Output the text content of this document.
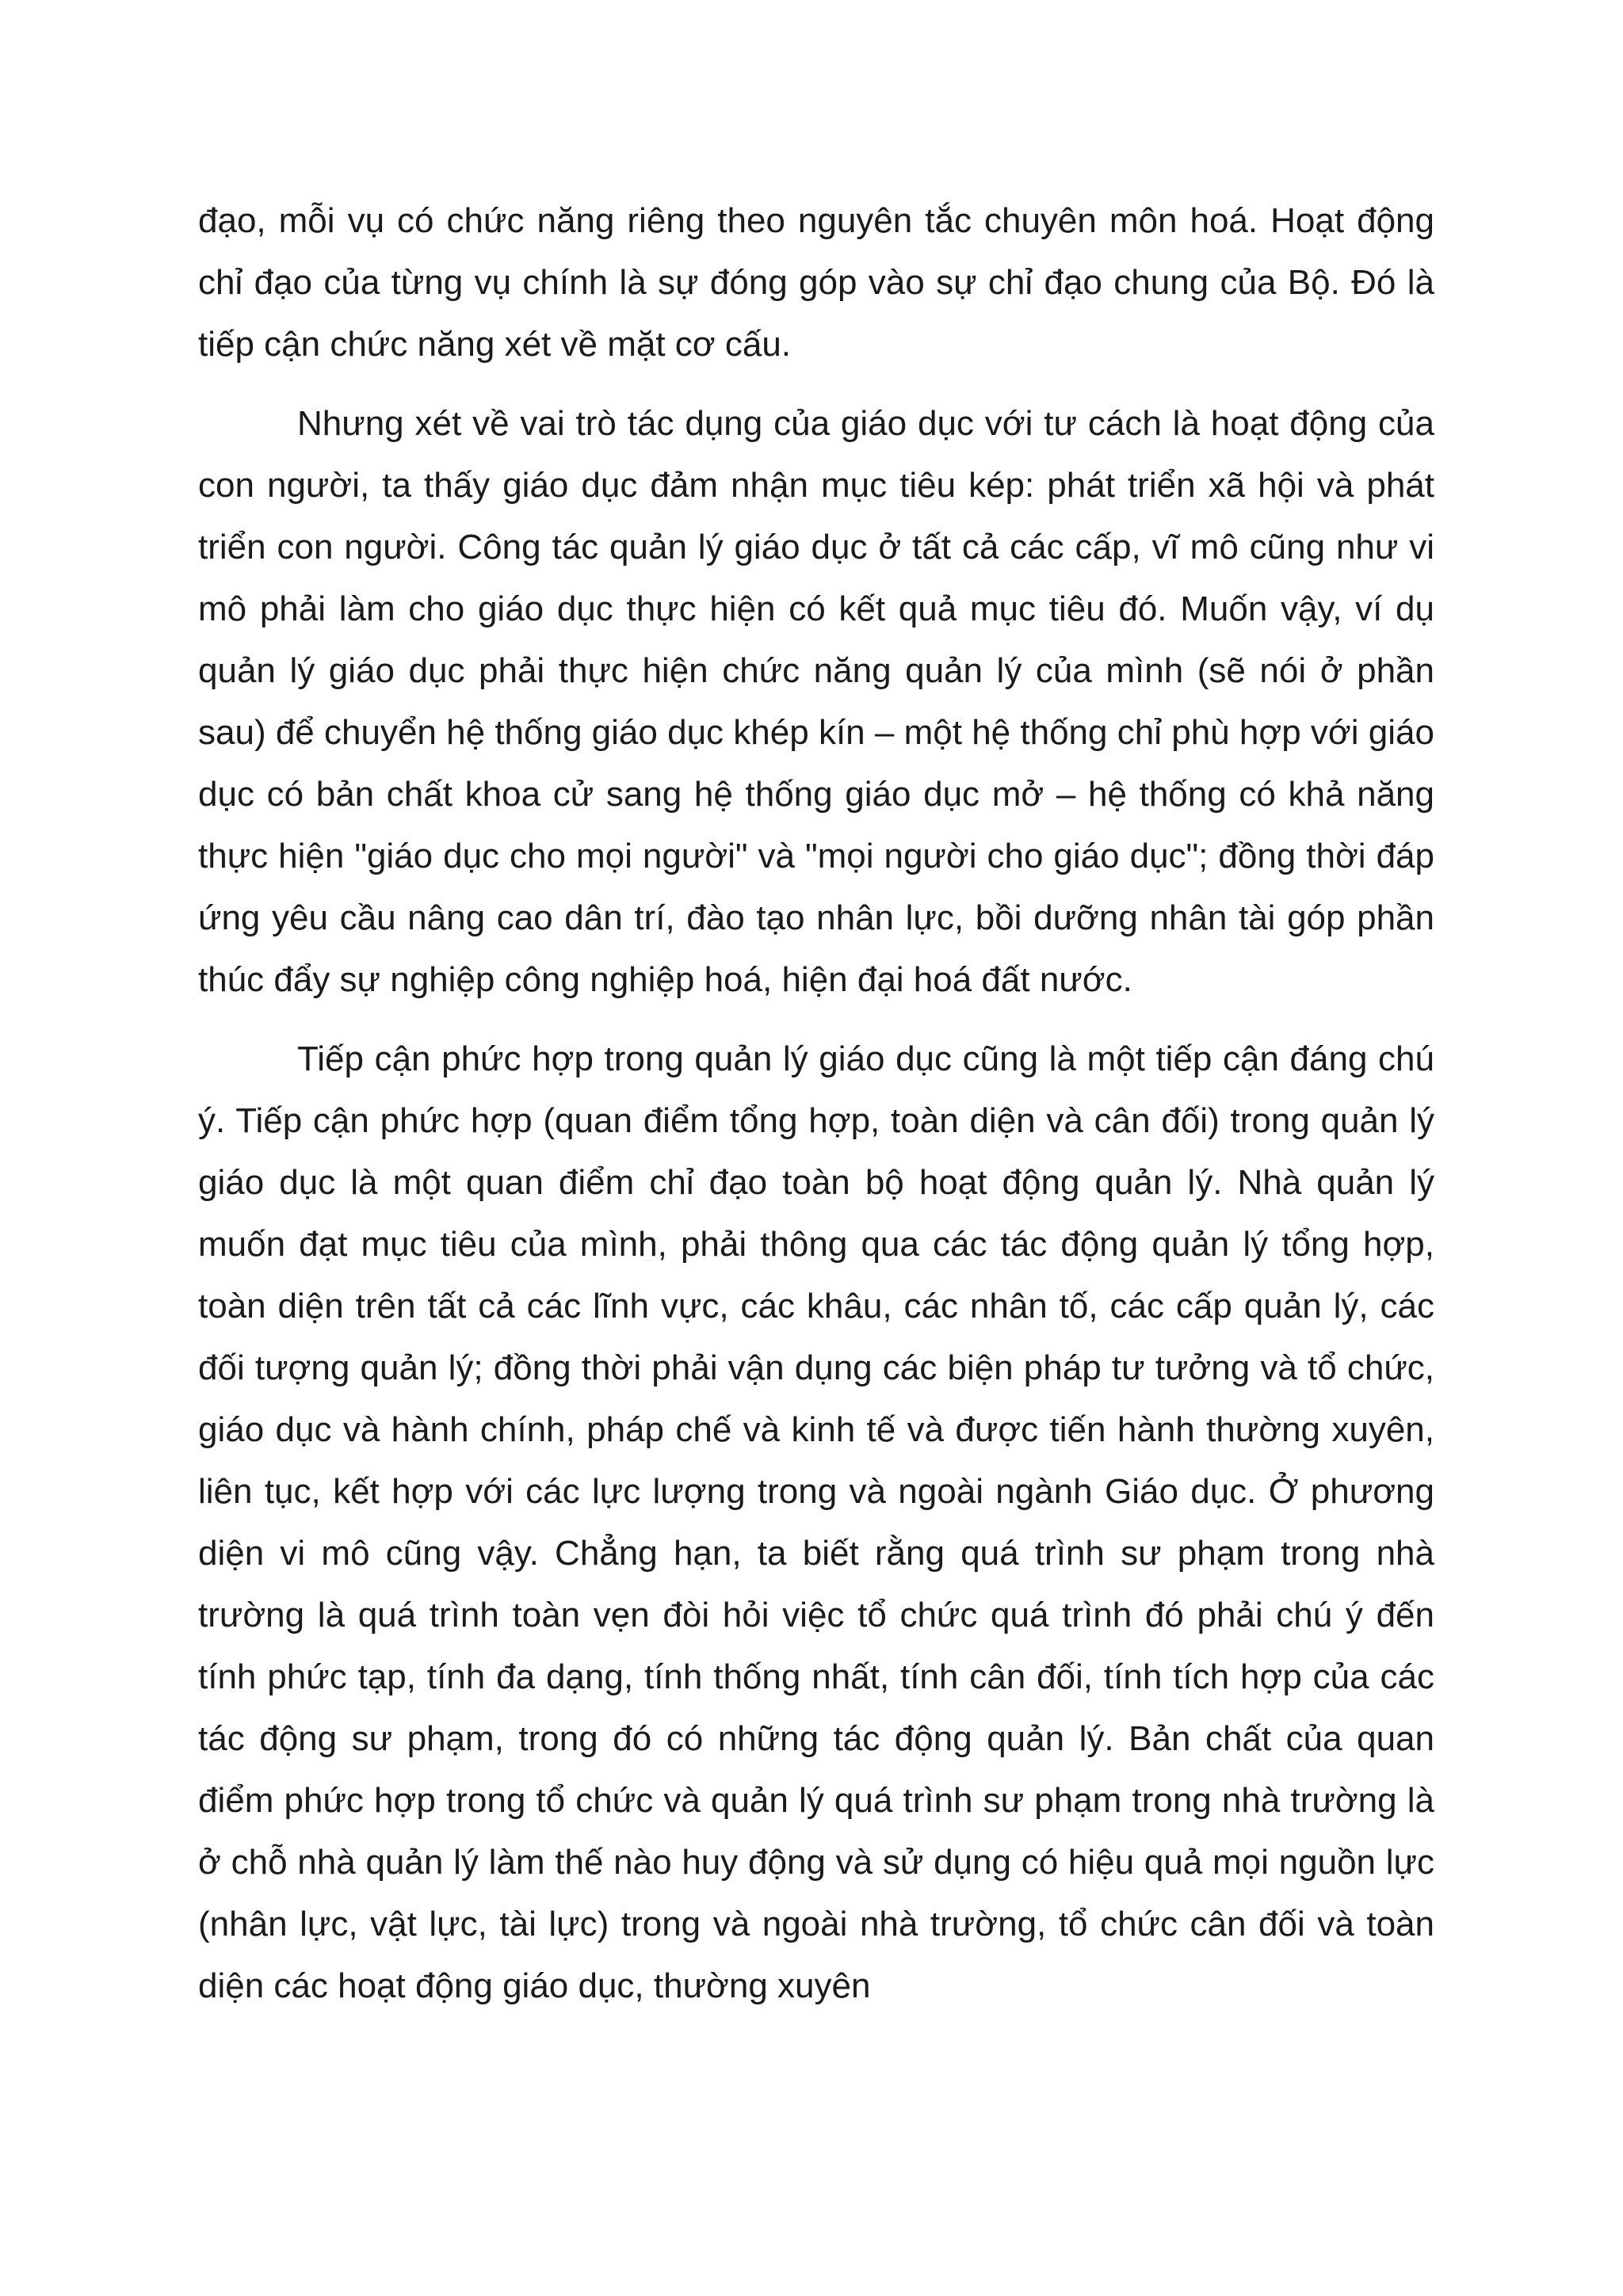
đạo, mỗi vụ có chức năng riêng theo nguyên tắc chuyên môn hoá. Hoạt động chỉ đạo của từng vụ chính là sự đóng góp vào sự chỉ đạo chung của Bộ. Đó là tiếp cận chức năng xét về mặt cơ cấu.

Nhưng xét về vai trò tác dụng của giáo dục với tư cách là hoạt động của con người, ta thấy giáo dục đảm nhận mục tiêu kép: phát triển xã hội và phát triển con người. Công tác quản lý giáo dục ở tất cả các cấp, vĩ mô cũng như vi mô phải làm cho giáo dục thực hiện có kết quả mục tiêu đó. Muốn vậy, ví dụ quản lý giáo dục phải thực hiện chức năng quản lý của mình (sẽ nói ở phần sau) để chuyển hệ thống giáo dục khép kín – một hệ thống chỉ phù hợp với giáo dục có bản chất khoa cử sang hệ thống giáo dục mở – hệ thống có khả năng thực hiện "giáo dục cho mọi người" và "mọi người cho giáo dục"; đồng thời đáp ứng yêu cầu nâng cao dân trí, đào tạo nhân lực, bồi dưỡng nhân tài góp phần thúc đẩy sự nghiệp công nghiệp hoá, hiện đại hoá đất nước.

Tiếp cận phức hợp trong quản lý giáo dục cũng là một tiếp cận đáng chú ý. Tiếp cận phức hợp (quan điểm tổng hợp, toàn diện và cân đối) trong quản lý giáo dục là một quan điểm chỉ đạo toàn bộ hoạt động quản lý. Nhà quản lý muốn đạt mục tiêu của mình, phải thông qua các tác động quản lý tổng hợp, toàn diện trên tất cả các lĩnh vực, các khâu, các nhân tố, các cấp quản lý, các đối tượng quản lý; đồng thời phải vận dụng các biện pháp tư tưởng và tổ chức, giáo dục và hành chính, pháp chế và kinh tế và được tiến hành thường xuyên, liên tục, kết hợp với các lực lượng trong và ngoài ngành Giáo dục. Ở phương diện vi mô cũng vậy. Chẳng hạn, ta biết rằng quá trình sư phạm trong nhà trường là quá trình toàn vẹn đòi hỏi việc tổ chức quá trình đó phải chú ý đến tính phức tạp, tính đa dạng, tính thống nhất, tính cân đối, tính tích hợp của các tác động sư phạm, trong đó có những tác động quản lý. Bản chất của quan điểm phức hợp trong tổ chức và quản lý quá trình sư phạm trong nhà trường là ở chỗ nhà quản lý làm thế nào huy động và sử dụng có hiệu quả mọi nguồn lực (nhân lực, vật lực, tài lực) trong và ngoài nhà trường, tổ chức cân đối và toàn diện các hoạt động giáo dục, thường xuyên
